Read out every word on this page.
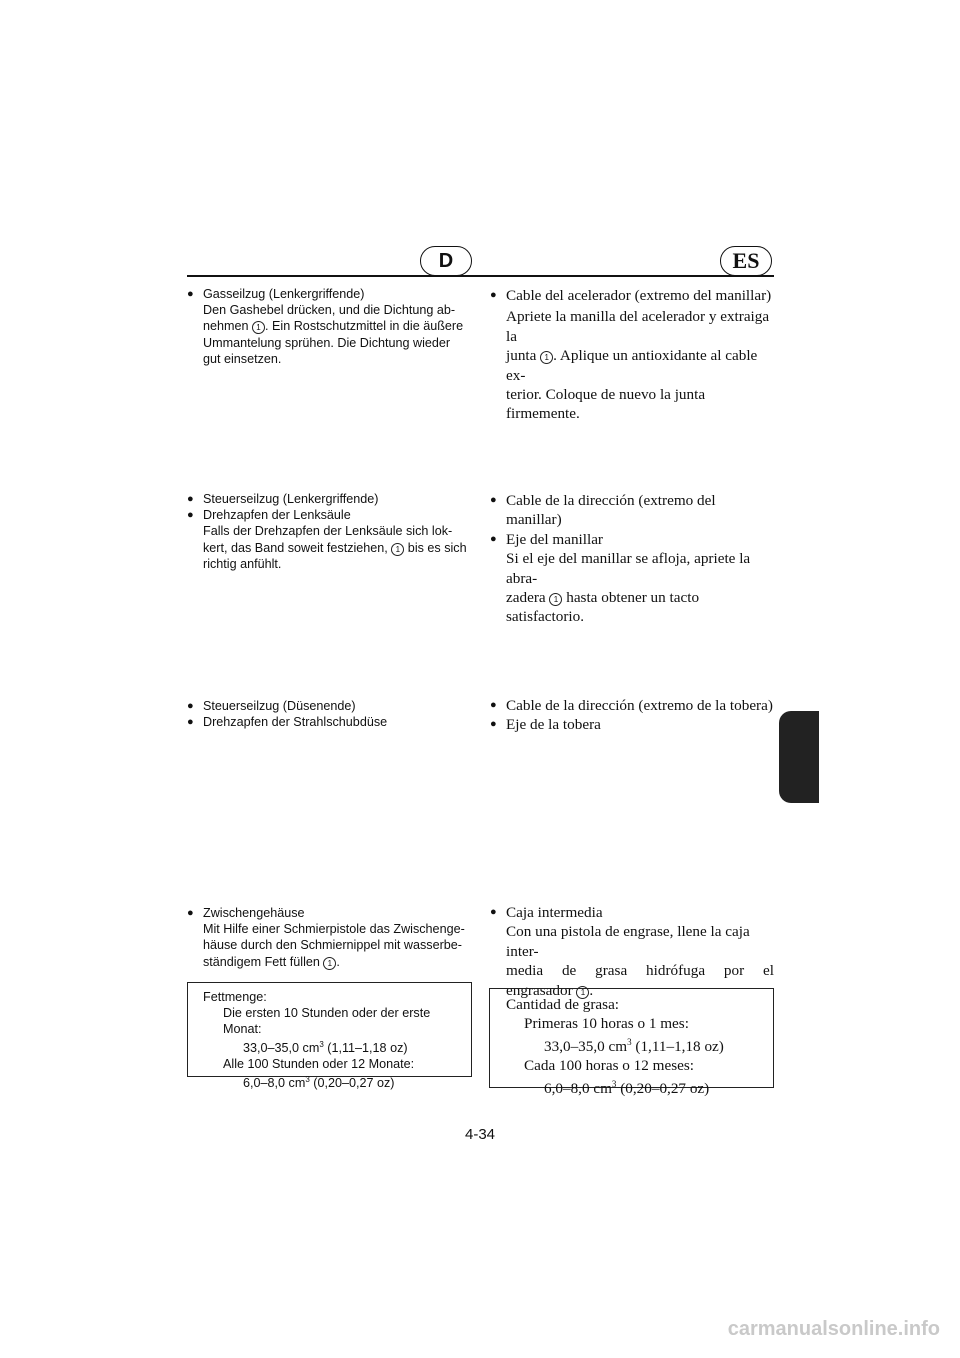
D	ES
● Gasseilzug (Lenkergriffende)
Den Gashebel drücken, und die Dichtung ab-
nehmen 1 . Ein Rostschutzmittel in die äußere
Ummantelung sprühen. Die Dichtung wieder
gut einsetzen.
● Steuerseilzug (Lenkergriffende)
● Drehzapfen der Lenksäule
Falls der Drehzapfen der Lenksäule sich lok-
kert, das Band soweit festziehen, 1 bis es sich
richtig anfühlt.
● Steuerseilzug (Düsenende)
● Drehzapfen der Strahlschubdüse
● Zwischengehäuse
Mit Hilfe einer Schmierpistole das Zwischenge-
häuse durch den Schmiernippel mit wasserbe-
ständigem Fett füllen 1 .
Fettmenge:
Die ersten 10 Stunden oder der erste Monat:
33,0–35,0 $cm^3$ (1,11–1,18 oz)
Alle 100 Stunden oder 12 Monate:
6,0–8,0 $cm^3$ (0,20–0,27 oz)
● Cable del acelerador (extremo del manillar)
Apriete la manilla del acelerador y extraiga la
junta 1 . Aplique un antioxidante al cable ex-
terior. Coloque de nuevo la junta firmemente.
● Cable de la dirección (extremo del manillar)
● Eje del manillar
Si el eje del manillar se afloja, apriete la abra-
zadera 1 hasta obtener un tacto satisfactorio.
● Cable de la dirección (extremo de la tobera)
● Eje de la tobera
● Caja intermedia
Con una pistola de engrase, llene la caja inter-
media de grasa hidrófuga por el
engrasador 1 .
Cantidad de grasa:
Primeras 10 horas o 1 mes:
33,0–35,0 $cm^3$ (1,11–1,18 oz)
Cada 100 horas o 12 meses:
6,0–8,0 $cm^3$ (0,20–0,27 oz)
4-34
carmanualsonline.info
